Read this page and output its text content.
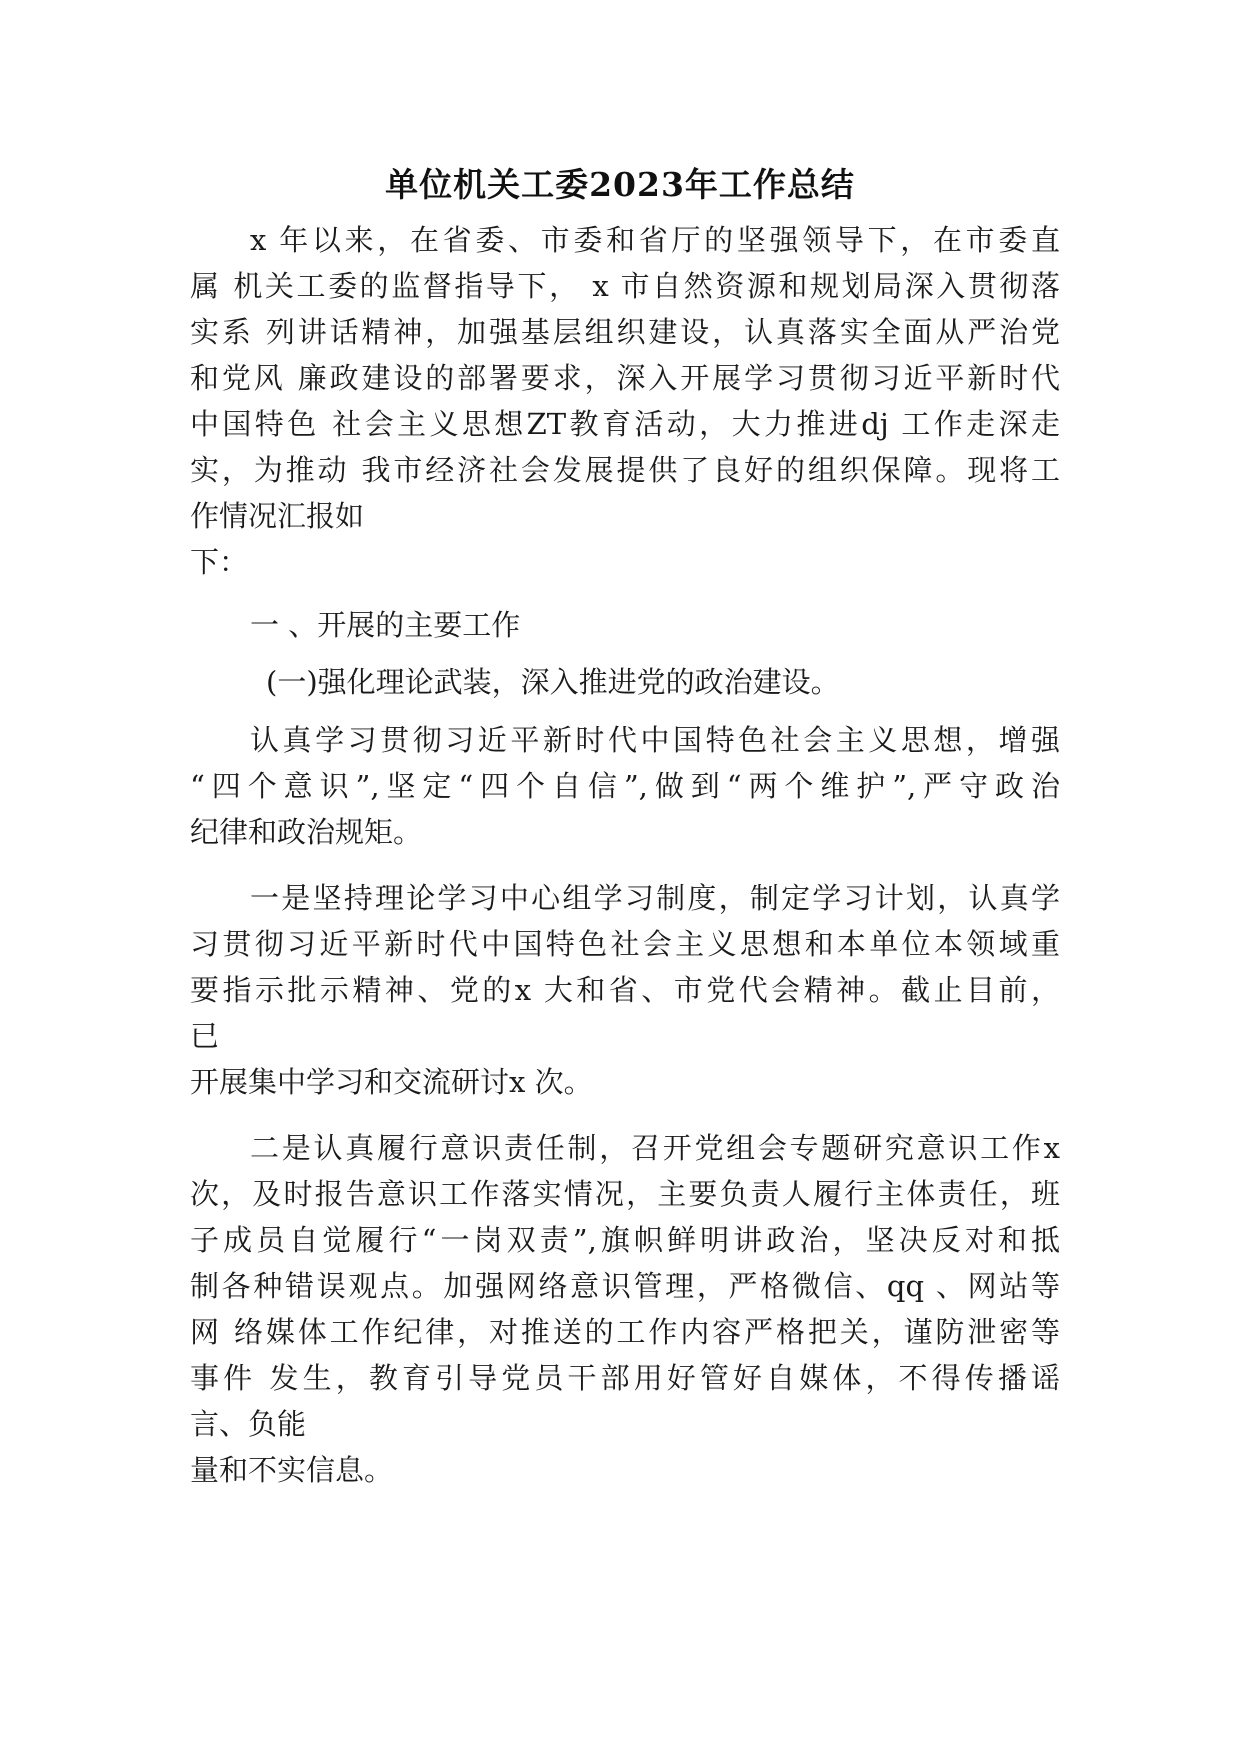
单位机关工委2023年工作总结
x 年以来，在省委、市委和省厅的坚强领导下，在市委直
属 机关工委的监督指导下， x 市自然资源和规划局深入贯彻落
实系 列讲话精神，加强基层组织建设，认真落实全面从严治党
和党风 廉政建设的部署要求，深入开展学习贯彻习近平新时代
中国特色 社会主义思想ZT教育活动，大力推进dj 工作走深走
实，为推动 我市经济社会发展提供了良好的组织保障。现将工
作情况汇报如
下：
一 、开展的主要工作
(一)强化理论武装，深入推进党的政治建设。
认真学习贯彻习近平新时代中国特色社会主义思想，增强
“四个意识”,坚定“四个自信”,做到“两个维护”,严守政治
纪律和政治规矩。
一是坚持理论学习中心组学习制度，制定学习计划，认真学
习贯彻习近平新时代中国特色社会主义思想和本单位本领域重
要指示批示精神、党的x 大和省、市党代会精神。截止目前，
已
开展集中学习和交流研讨x 次。
二是认真履行意识责任制，召开党组会专题研究意识工作x
次，及时报告意识工作落实情况，主要负责人履行主体责任，班
子成员自觉履行“一岗双责”,旗帜鲜明讲政治，坚决反对和抵
制各种错误观点。加强网络意识管理，严格微信、qq 、网站等
网 络媒体工作纪律，对推送的工作内容严格把关，谨防泄密等
事件 发生，教育引导党员干部用好管好自媒体，不得传播谣
言、负能
量和不实信息。
